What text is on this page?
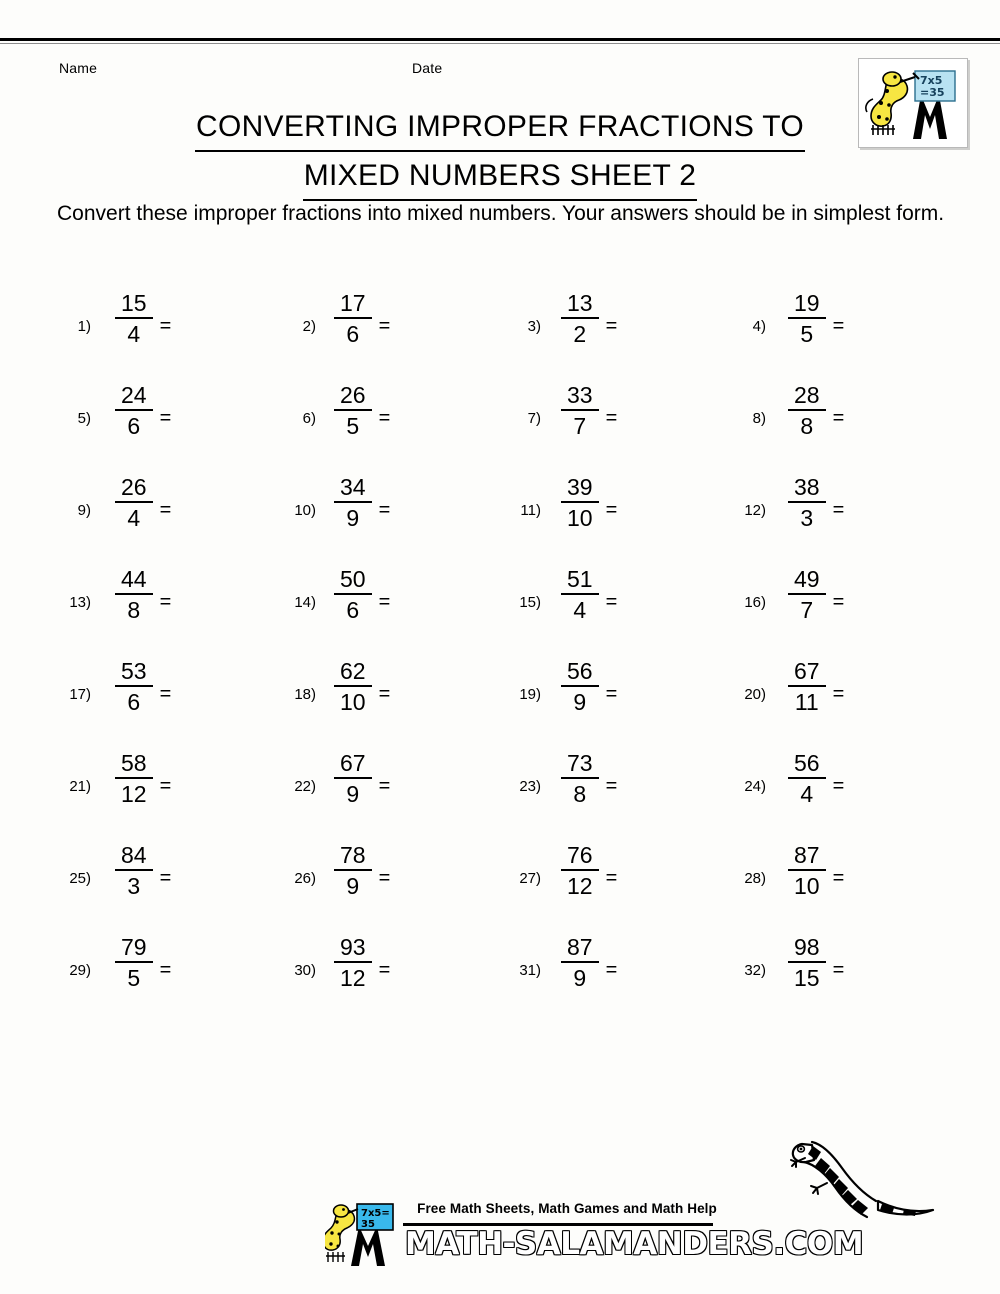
Name	Date
7x5
=35
CONVERTING IMPROPER FRACTIONS TO
MIXED NUMBERS SHEET 2
Convert these improper fractions into mixed numbers. Your answers should be in simplest form.
$1) \frac{15}{4}$ =	$2) \frac{17}{6}$ =	$3) \frac{13}{2}$ =	$4) \frac{19}{5}$ =
$5) \frac{24}{6}$ =	$6) \frac{26}{5}$ =	$7) \frac{33}{7}$ =	$8) \frac{28}{8}$ =
$9) \frac{26}{4}$ =	$10) \frac{34}{9}$ =	$11) \frac{39}{10}$ =	$12) \frac{38}{3}$ =
$13) \frac{44}{8}$ =	$14) \frac{50}{6}$ =	$15) \frac{51}{4}$ =	$16) \frac{49}{7}$ =
$17) \frac{53}{6}$ =	$18) \frac{62}{10}$ =	$19) \frac{56}{9}$ =	$20) \frac{67}{11}$ =
$21) \frac{58}{12}$ =	$22) \frac{67}{9}$ =	$23) \frac{73}{8}$ =	$24) \frac{56}{4}$ =
$25) \frac{84}{3}$ =	$26) \frac{78}{9}$ =	$27) \frac{76}{12}$ =	$28) \frac{87}{10}$ =
$29) \frac{79}{5}$ =	$30) \frac{93}{12}$ =	$31) \frac{87}{9}$ =	$32) \frac{98}{15}$ =
7x5=
35
Free Math Sheets, Math Games and Math Help
MATH-SALAMANDERS.COM
